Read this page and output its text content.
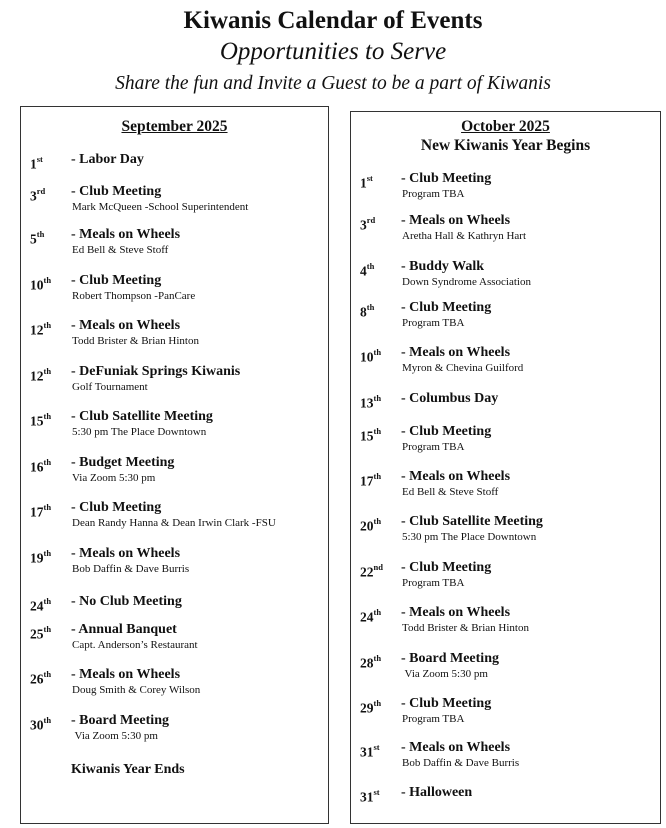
Kiwanis Calendar of Events
Opportunities to Serve
Share the fun and Invite a Guest to be a part of Kiwanis
September 2025
1st - Labor Day
3rd - Club Meeting
Mark McQueen -School Superintendent
5th - Meals on Wheels
Ed Bell & Steve Stoff
10th - Club Meeting
Robert Thompson -PanCare
12th - Meals on Wheels
Todd Brister & Brian Hinton
12th - DeFuniak Springs Kiwanis
Golf Tournament
15th - Club Satellite Meeting
5:30 pm The Place Downtown
16th - Budget Meeting
Via Zoom 5:30 pm
17th - Club Meeting
Dean Randy Hanna & Dean Irwin Clark -FSU
19th - Meals on Wheels
Bob Daffin & Dave Burris
24th - No Club Meeting
25th - Annual Banquet
Capt. Anderson’s Restaurant
26th - Meals on Wheels
Doug Smith & Corey Wilson
30th - Board Meeting
Via Zoom 5:30 pm
Kiwanis Year Ends
October 2025
New Kiwanis Year Begins
1st - Club Meeting
Program TBA
3rd - Meals on Wheels
Aretha Hall & Kathryn Hart
4th - Buddy Walk
Down Syndrome Association
8th - Club Meeting
Program TBA
10th - Meals on Wheels
Myron & Chevina Guilford
13th - Columbus Day
15th - Club Meeting
Program TBA
17th - Meals on Wheels
Ed Bell & Steve Stoff
20th - Club Satellite Meeting
5:30 pm The Place Downtown
22nd - Club Meeting
Program TBA
24th - Meals on Wheels
Todd Brister & Brian Hinton
28th - Board Meeting
Via Zoom 5:30 pm
29th - Club Meeting
Program TBA
31st - Meals on Wheels
Bob Daffin & Dave Burris
31st - Halloween
